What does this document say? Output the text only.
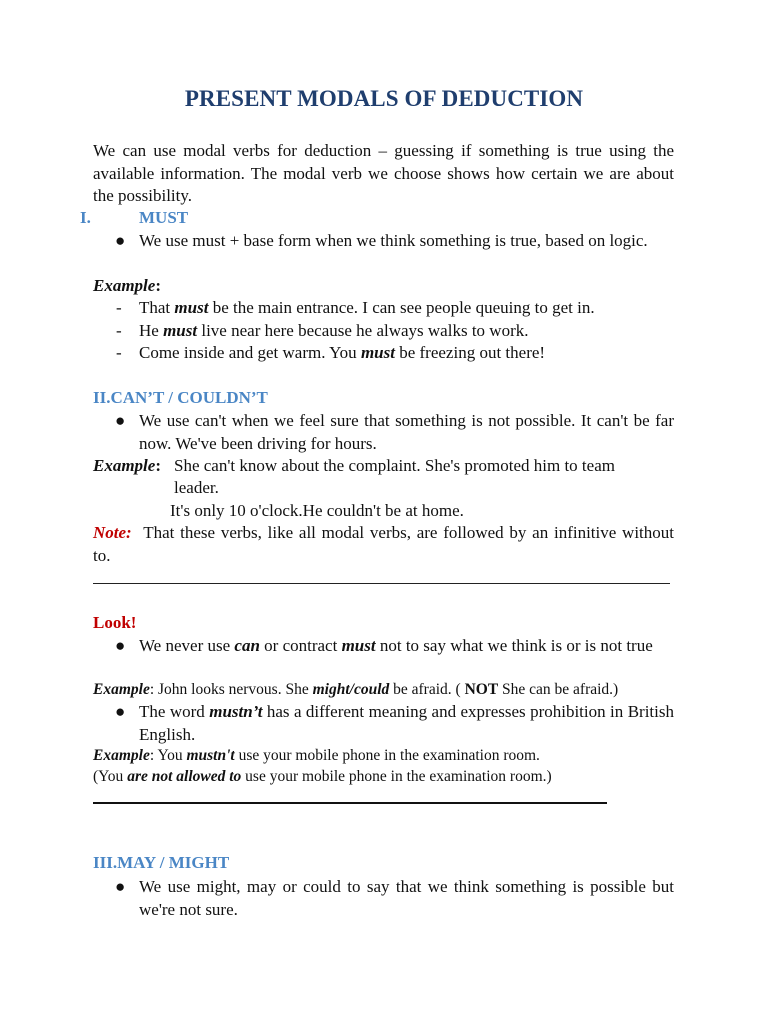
PRESENT MODALS OF DEDUCTION
We can use modal verbs for deduction – guessing if something is true using the available information. The modal verb we choose shows how certain we are about the possibility.
I.	MUST
● We use must + base form when we think something is true, based on logic.
Example:
- That must be the main entrance. I can see people queuing to get in.
- He must live near here because he always walks to work.
- Come inside and get warm. You must be freezing out there!
II.CAN’T / COULDN’T
● We use can't when we feel sure that something is not possible. It can't be far now. We've been driving for hours.
Example: She can't know about the complaint. She's promoted him to team
leader.
It's only 10 o'clock.He couldn't be at home.
Note: That these verbs, like all modal verbs, are followed by an infinitive without to.
Look!
● We never use can or contract must not to say what we think is or is not true
Example: John looks nervous. She might/could be afraid. ( NOT She can be afraid.)
● The word mustn’t has a different meaning and expresses prohibition in British English.
Example: You mustn't use your mobile phone in the examination room.
(You are not allowed to use your mobile phone in the examination room.)
III.MAY / MIGHT
● We use might, may or could to say that we think something is possible but we're not sure.
